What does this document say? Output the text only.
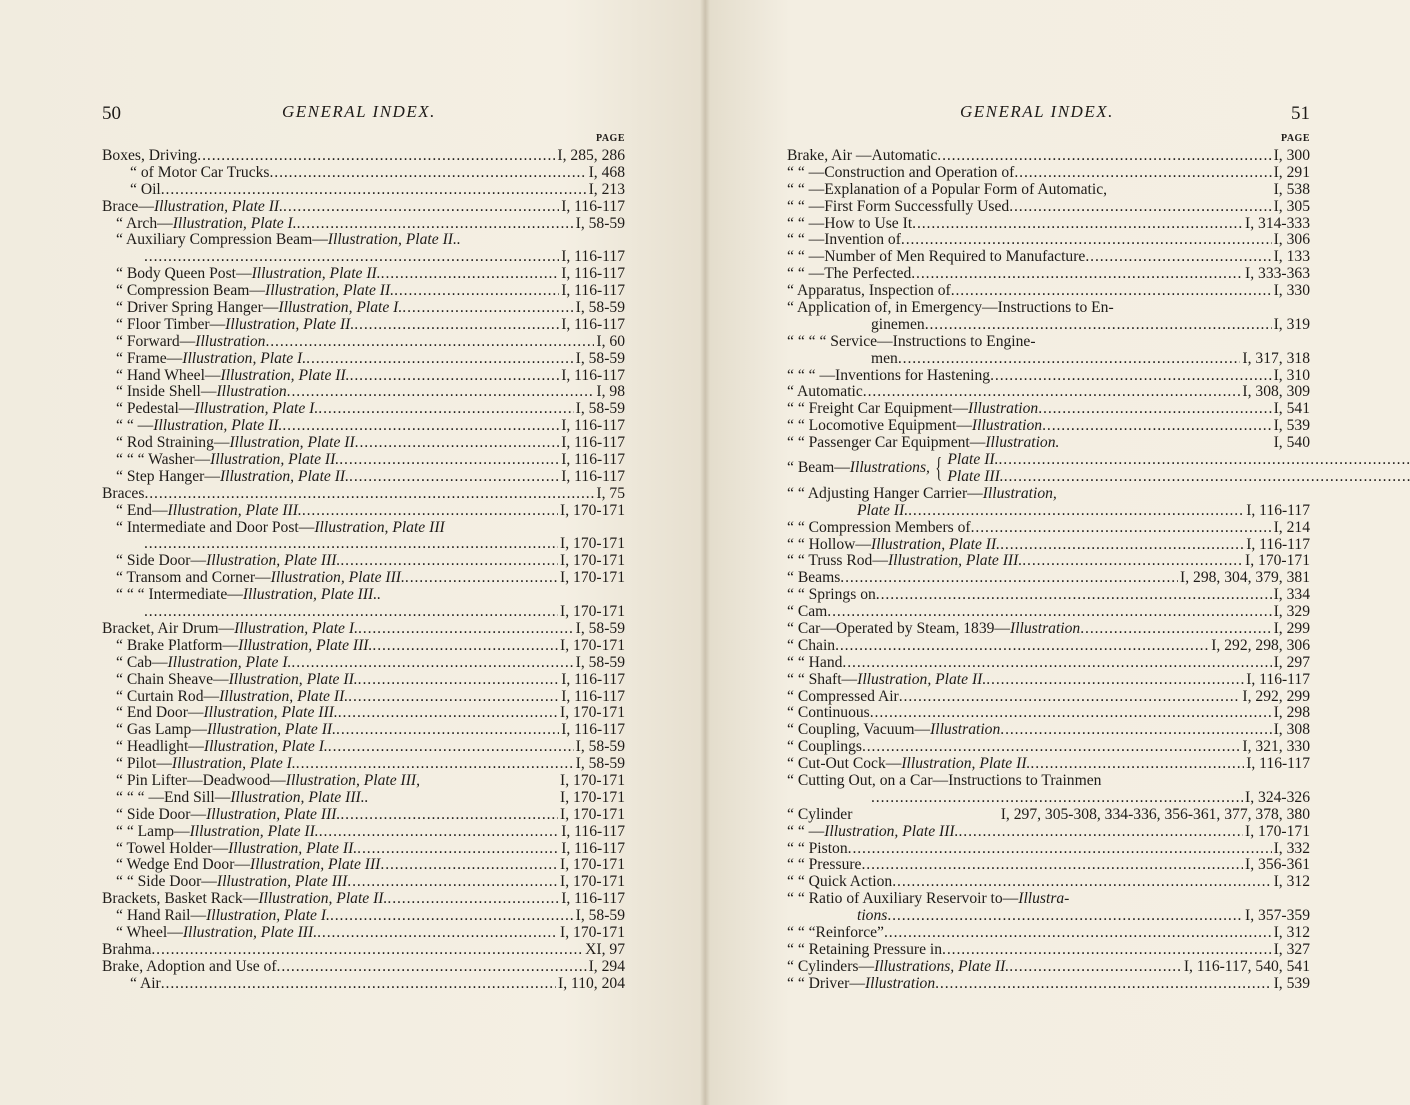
50	GENERAL INDEX.
PAGE
Boxes, Driving . . .	I, 285, 286
“ of Motor Car Trucks . . .	I, 468
“ Oil . . .	I, 213
Brace—Illustration, Plate II. . . .	I, 116-117
“ Arch—Illustration, Plate I. . . .	I, 58-59
“ Auxiliary Compression Beam—Illustration, Plate II..
. . .
I, 116-117
“ Body Queen Post—Illustration, Plate II. . . .	I, 116-117
“ Compression Beam—Illustration, Plate II. . . .	I, 116-117
“ Driver Spring Hanger—Illustration, Plate I. . . .	I, 58-59
“ Floor Timber—Illustration, Plate II. . . .	I, 116-117
“ Forward—Illustration . . .	I, 60
“ Frame—Illustration, Plate I. . . .	I, 58-59
“ Hand Wheel—Illustration, Plate II. . . .	I, 116-117
“ Inside Shell—Illustration . . .	I, 98
“ Pedestal—Illustration, Plate I. . . .	I, 58-59
“ “ —Illustration, Plate II. . . .	I, 116-117
“ Rod Straining—Illustration, Plate II . . .	I, 116-117
“ “ “ Washer—Illustration, Plate II. . . .	I, 116-117
“ Step Hanger—Illustration, Plate II. . . .	I, 116-117
Braces . . .	I, 75
“ End—Illustration, Plate III. . . .	I, 170-171
“ Intermediate and Door Post—Illustration, Plate III
. . .
I, 170-171
“ Side Door—Illustration, Plate III. . . .	I, 170-171
“ Transom and Corner—Illustration, Plate III. . . .	I, 170-171
“ “ “ Intermediate—Illustration, Plate III..
. . .
I, 170-171
Bracket, Air Drum—Illustration, Plate I. . . .	I, 58-59
“ Brake Platform—Illustration, Plate III. . . .	I, 170-171
“ Cab—Illustration, Plate I. . . .	I, 58-59
“ Chain Sheave—Illustration, Plate II. . . .	I, 116-117
“ Curtain Rod—Illustration, Plate II. . . .	I, 116-117
“ End Door—Illustration, Plate III. . . .	I, 170-171
“ Gas Lamp—Illustration, Plate II. . . .	I, 116-117
“ Headlight—Illustration, Plate I. . . .	I, 58-59
“ Pilot—Illustration, Plate I. . . .	I, 58-59
“ Pin Lifter—Deadwood—Illustration, Plate III,	I, 170-171
“ “ “ —End Sill—Illustration, Plate III..	I, 170-171
“ Side Door—Illustration, Plate III. . . .	I, 170-171
“ “ Lamp—Illustration, Plate II. . . .	I, 116-117
“ Towel Holder—Illustration, Plate II. . . .	I, 116-117
“ Wedge End Door—Illustration, Plate III . . .	I, 170-171
“ “ Side Door—Illustration, Plate III . . .	I, 170-171
Brackets, Basket Rack—Illustration, Plate II. . . .	I, 116-117
“ Hand Rail—Illustration, Plate I. . . .	I, 58-59
“ Wheel—Illustration, Plate III. . . .	I, 170-171
Brahma . . .	XI, 97
Brake, Adoption and Use of . . .	I, 294
“ Air . . .	I, 110, 204
GENERAL INDEX.	51
PAGE
Brake, Air —Automatic . . .	I, 300
“ “ —Construction and Operation of . . .	I, 291
“ “ —Explanation of a Popular Form of Automatic,	I, 538
“ “ —First Form Successfully Used . . .	I, 305
“ “ —How to Use It . . .	I, 314-333
“ “ —Invention of . . .	I, 306
“ “ —Number of Men Required to Manufacture . . .	I, 133
“ “ —The Perfected . . .	I, 333-363
“ Apparatus, Inspection of . . .	I, 330
“ Application of, in Emergency—Instructions to En-
ginemen . . .	I, 319
“ “ “ “ Service—Instructions to Engine-
men . . .	I, 317, 318
“ “ “ —Inventions for Hastening . . .	I, 310
“ Automatic . . .	I, 308, 309
“ “ Freight Car Equipment—Illustration . . .	I, 541
“ “ Locomotive Equipment—Illustration . . .	I, 539
“ “ Passenger Car Equipment—Illustration.	I, 540
“ Beam—Illustrations, { Plate II.
. . .
Plate III.
. . .
“ “ Adjusting Hanger Carrier—Illustration,
Plate II. . . .	I, 116-117
“ “ Compression Members of . . .	I, 214
“ “ Hollow—Illustration, Plate II. . . .	I, 116-117
“ “ Truss Rod—Illustration, Plate III. . . .	I, 170-171
“ Beams . . .	I, 298, 304, 379, 381
“ “ Springs on . . .	I, 334
“ Cam . . .	I, 329
“ Car—Operated by Steam, 1839—Illustration . . .	I, 299
“ Chain . . .	I, 292, 298, 306
“ “ Hand . . .	I, 297
“ “ Shaft—Illustration, Plate II. . . .	I, 116-117
“ Compressed Air . . .	I, 292, 299
“ Continuous . . .	I, 298
“ Coupling, Vacuum—Illustration . . .	I, 308
“ Couplings . . .	I, 321, 330
“ Cut-Out Cock—Illustration, Plate II. . . .	I, 116-117
“ Cutting Out, on a Car—Instructions to Trainmen
. . .
I, 324-326
“ Cylinder	I, 297, 305-308, 334-336, 356-361, 377, 378, 380
“ “ —Illustration, Plate III. . . .	I, 170-171
“ “ Piston . . .	I, 332
“ “ Pressure . . .	I, 356-361
“ “ Quick Action . . .	I, 312
“ “ Ratio of Auxiliary Reservoir to—Illustra-
tions . . .	I, 357-359
“ “ “Reinforce” . . .	I, 312
“ “ Retaining Pressure in . . .	I, 327
“ Cylinders—Illustrations, Plate II. . . .	I, 116-117, 540, 541
“ “ Driver—Illustration . . .	I, 539
